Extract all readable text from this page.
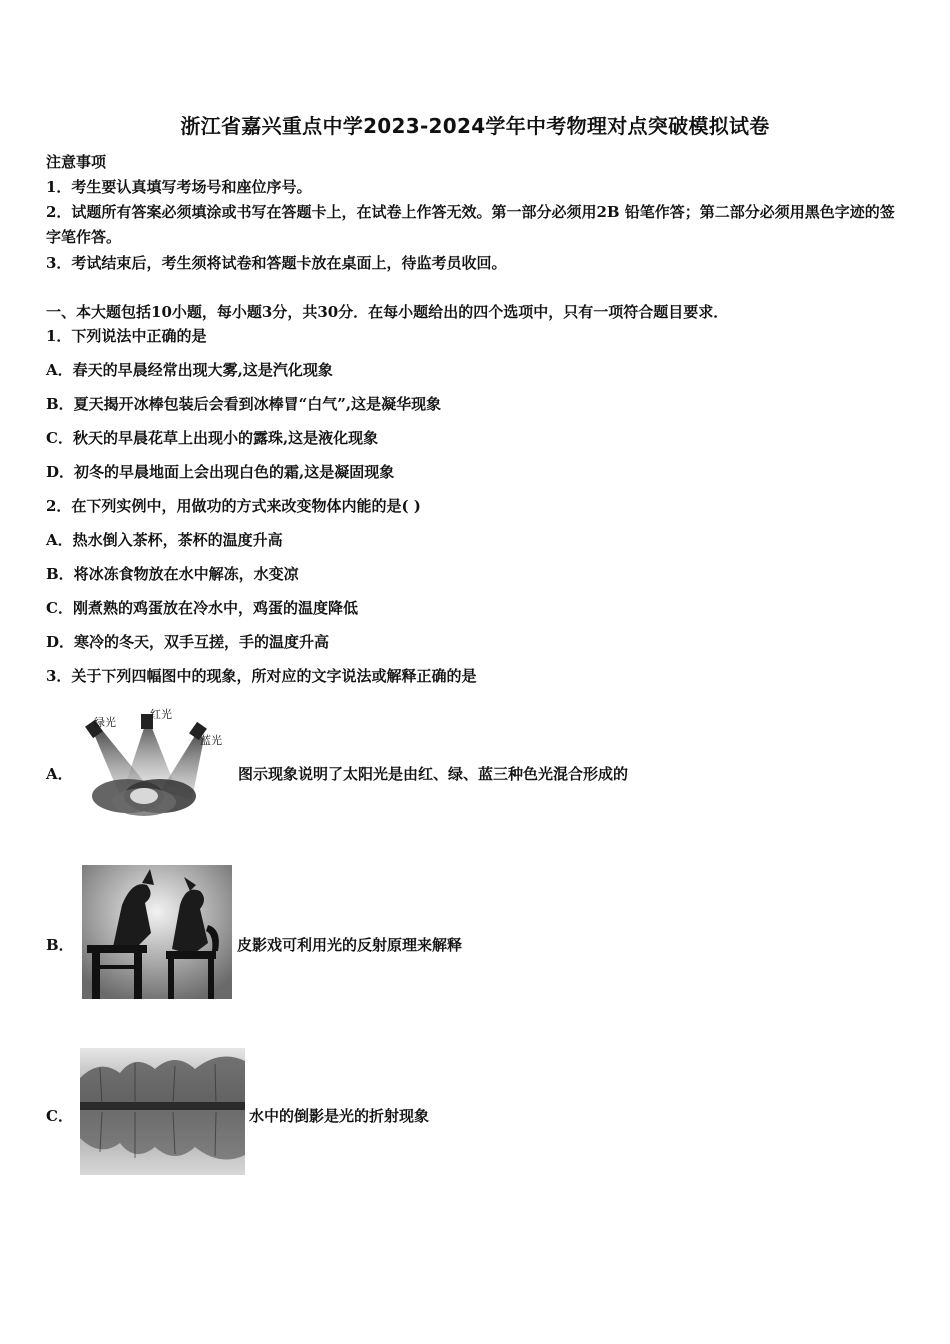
浙江省嘉兴重点中学2023-2024学年中考物理对点突破模拟试卷
注意事项
1．考生要认真填写考场号和座位序号。
2．试题所有答案必须填涂或书写在答题卡上，在试卷上作答无效。第一部分必须用2B 铅笔作答；第二部分必须用黑色字迹的签字笔作答。
3．考试结束后，考生须将试卷和答题卡放在桌面上，待监考员收回。
一、本大题包括10小题，每小题3分，共30分．在每小题给出的四个选项中，只有一项符合题目要求．
1．下列说法中正确的是
A．春天的早晨经常出现大雾,这是汽化现象
B．夏天揭开冰棒包装后会看到冰棒冒“白气”,这是凝华现象
C．秋天的早晨花草上出现小的露珠,这是液化现象
D．初冬的早晨地面上会出现白色的霜,这是凝固现象
2．在下列实例中，用做功的方式来改变物体内能的是( )
A．热水倒入茶杯，茶杯的温度升高
B．将冰冻食物放在水中解冻，水变凉
C．刚煮熟的鸡蛋放在冷水中，鸡蛋的温度降低
D．寒冷的冬天，双手互搓，手的温度升高
3．关于下列四幅图中的现象，所对应的文字说法或解释正确的是
A．
绿光
红光
蓝光
图示现象说明了太阳光是由红、绿、蓝三种色光混合形成的
B．	皮影戏可利用光的反射原理来解释
C．	水中的倒影是光的折射现象
